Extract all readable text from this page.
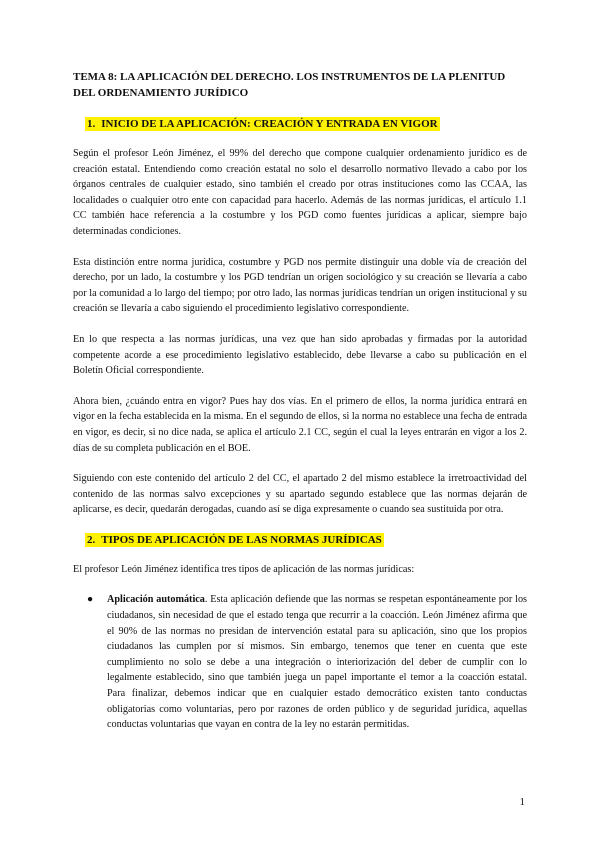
TEMA 8: LA APLICACIÓN DEL DERECHO. LOS INSTRUMENTOS DE LA PLENITUD DEL ORDENAMIENTO JURÍDICO
1. INICIO DE LA APLICACIÓN: CREACIÓN Y ENTRADA EN VIGOR

Según el profesor León Jiménez, el 99% del derecho que compone cualquier ordenamiento jurídico es de creación estatal. Entendiendo como creación estatal no solo el desarrollo normativo llevado a cabo por los órganos centrales de cualquier estado, sino también el creado por otras instituciones como las CCAA, las localidades o cualquier otro ente con capacidad para hacerlo. Además de las normas jurídicas, el artículo 1.1 CC también hace referencia a la costumbre y los PGD como fuentes jurídicas a aplicar, siempre bajo determinadas condiciones.

Esta distinción entre norma jurídica, costumbre y PGD nos permite distinguir una doble vía de creación del derecho, por un lado, la costumbre y los PGD tendrían un origen sociológico y su creación se llevaría a cabo por la comunidad a lo largo del tiempo; por otro lado, las normas jurídicas tendrían un origen institucional y su creación se llevaría a cabo siguiendo el procedimiento legislativo correspondiente.

En lo que respecta a las normas jurídicas, una vez que han sido aprobadas y firmadas por la autoridad competente acorde a ese procedimiento legislativo establecido, debe llevarse a cabo su publicación en el Boletín Oficial correspondiente.

Ahora bien, ¿cuándo entra en vigor? Pues hay dos vías. En el primero de ellos, la norma jurídica entrará en vigor en la fecha establecida en la misma. En el segundo de ellos, si la norma no establece una fecha de entrada en vigor, es decir, si no dice nada, se aplica el artículo 2.1 CC, según el cual la leyes entrarán en vigor a los 2. días de su completa publicación en el BOE.

Siguiendo con este contenido del artículo 2 del CC, el apartado 2 del mismo establece la irretroactividad del contenido de las normas salvo excepciones y su apartado segundo establece que las normas dejarán de aplicarse, es decir, quedarán derogadas, cuando así se diga expresamente o cuando sea sustituida por otra.

2. TIPOS DE APLICACIÓN DE LAS NORMAS JURÍDICAS

El profesor León Jiménez identifica tres tipos de aplicación de las normas jurídicas:

● Aplicación automática. Esta aplicación defiende que las normas se respetan espontáneamente por los ciudadanos, sin necesidad de que el estado tenga que recurrir a la coacción. León Jiménez afirma que el 90% de las normas no presidan de intervención estatal para su aplicación, sino que los propios ciudadanos las cumplen por sí mismos. Sin embargo, tenemos que tener en cuenta que este cumplimiento no solo se debe a una integración o interiorización del deber de cumplir con lo legalmente establecido, sino que también juega un papel importante el temor a la coacción estatal. Para finalizar, debemos indicar que en cualquier estado democrático existen tanto conductas obligatorias como voluntarias, pero por razones de orden público y de seguridad jurídica, aquellas conductas voluntarias que vayan en contra de la ley no estarán permitidas.
1
